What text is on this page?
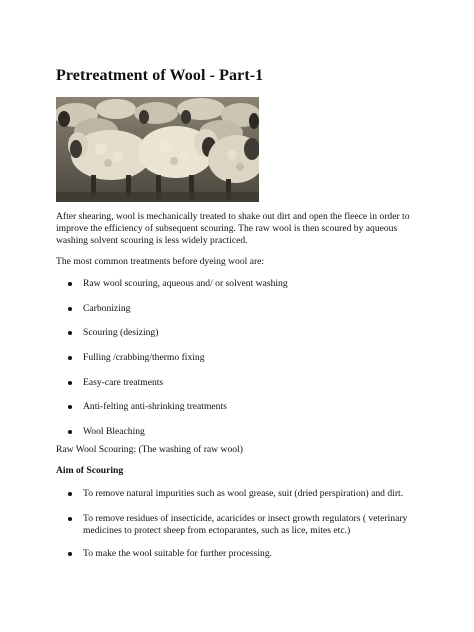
Pretreatment of Wool - Part-1
After shearing, wool is mechanically treated to shake out dirt and open the fleece in order to improve the efficiency of subsequent scouring. The raw wool is then scoured by aqueous washing solvent scouring is less widely practiced.
The most common treatments before dyeing wool are:
Raw wool scouring, aqueous and/ or solvent washing
Carbonizing
Scouring (desizing)
Fulling /crabbing/thermo fixing
Easy-care treatments
Anti-felting anti-shrinking treatments
Wool Bleaching
Raw Wool Scouring: (The washing of raw wool)
Aim of Scouring
To remove natural impurities such as wool grease, suit (dried perspiration) and dirt.
To remove residues of insecticide, acaricides or insect growth regulators ( veterinary medicines to protect sheep from ectoparantes, such as lice, mites etc.)
To make the wool suitable for further processing.
